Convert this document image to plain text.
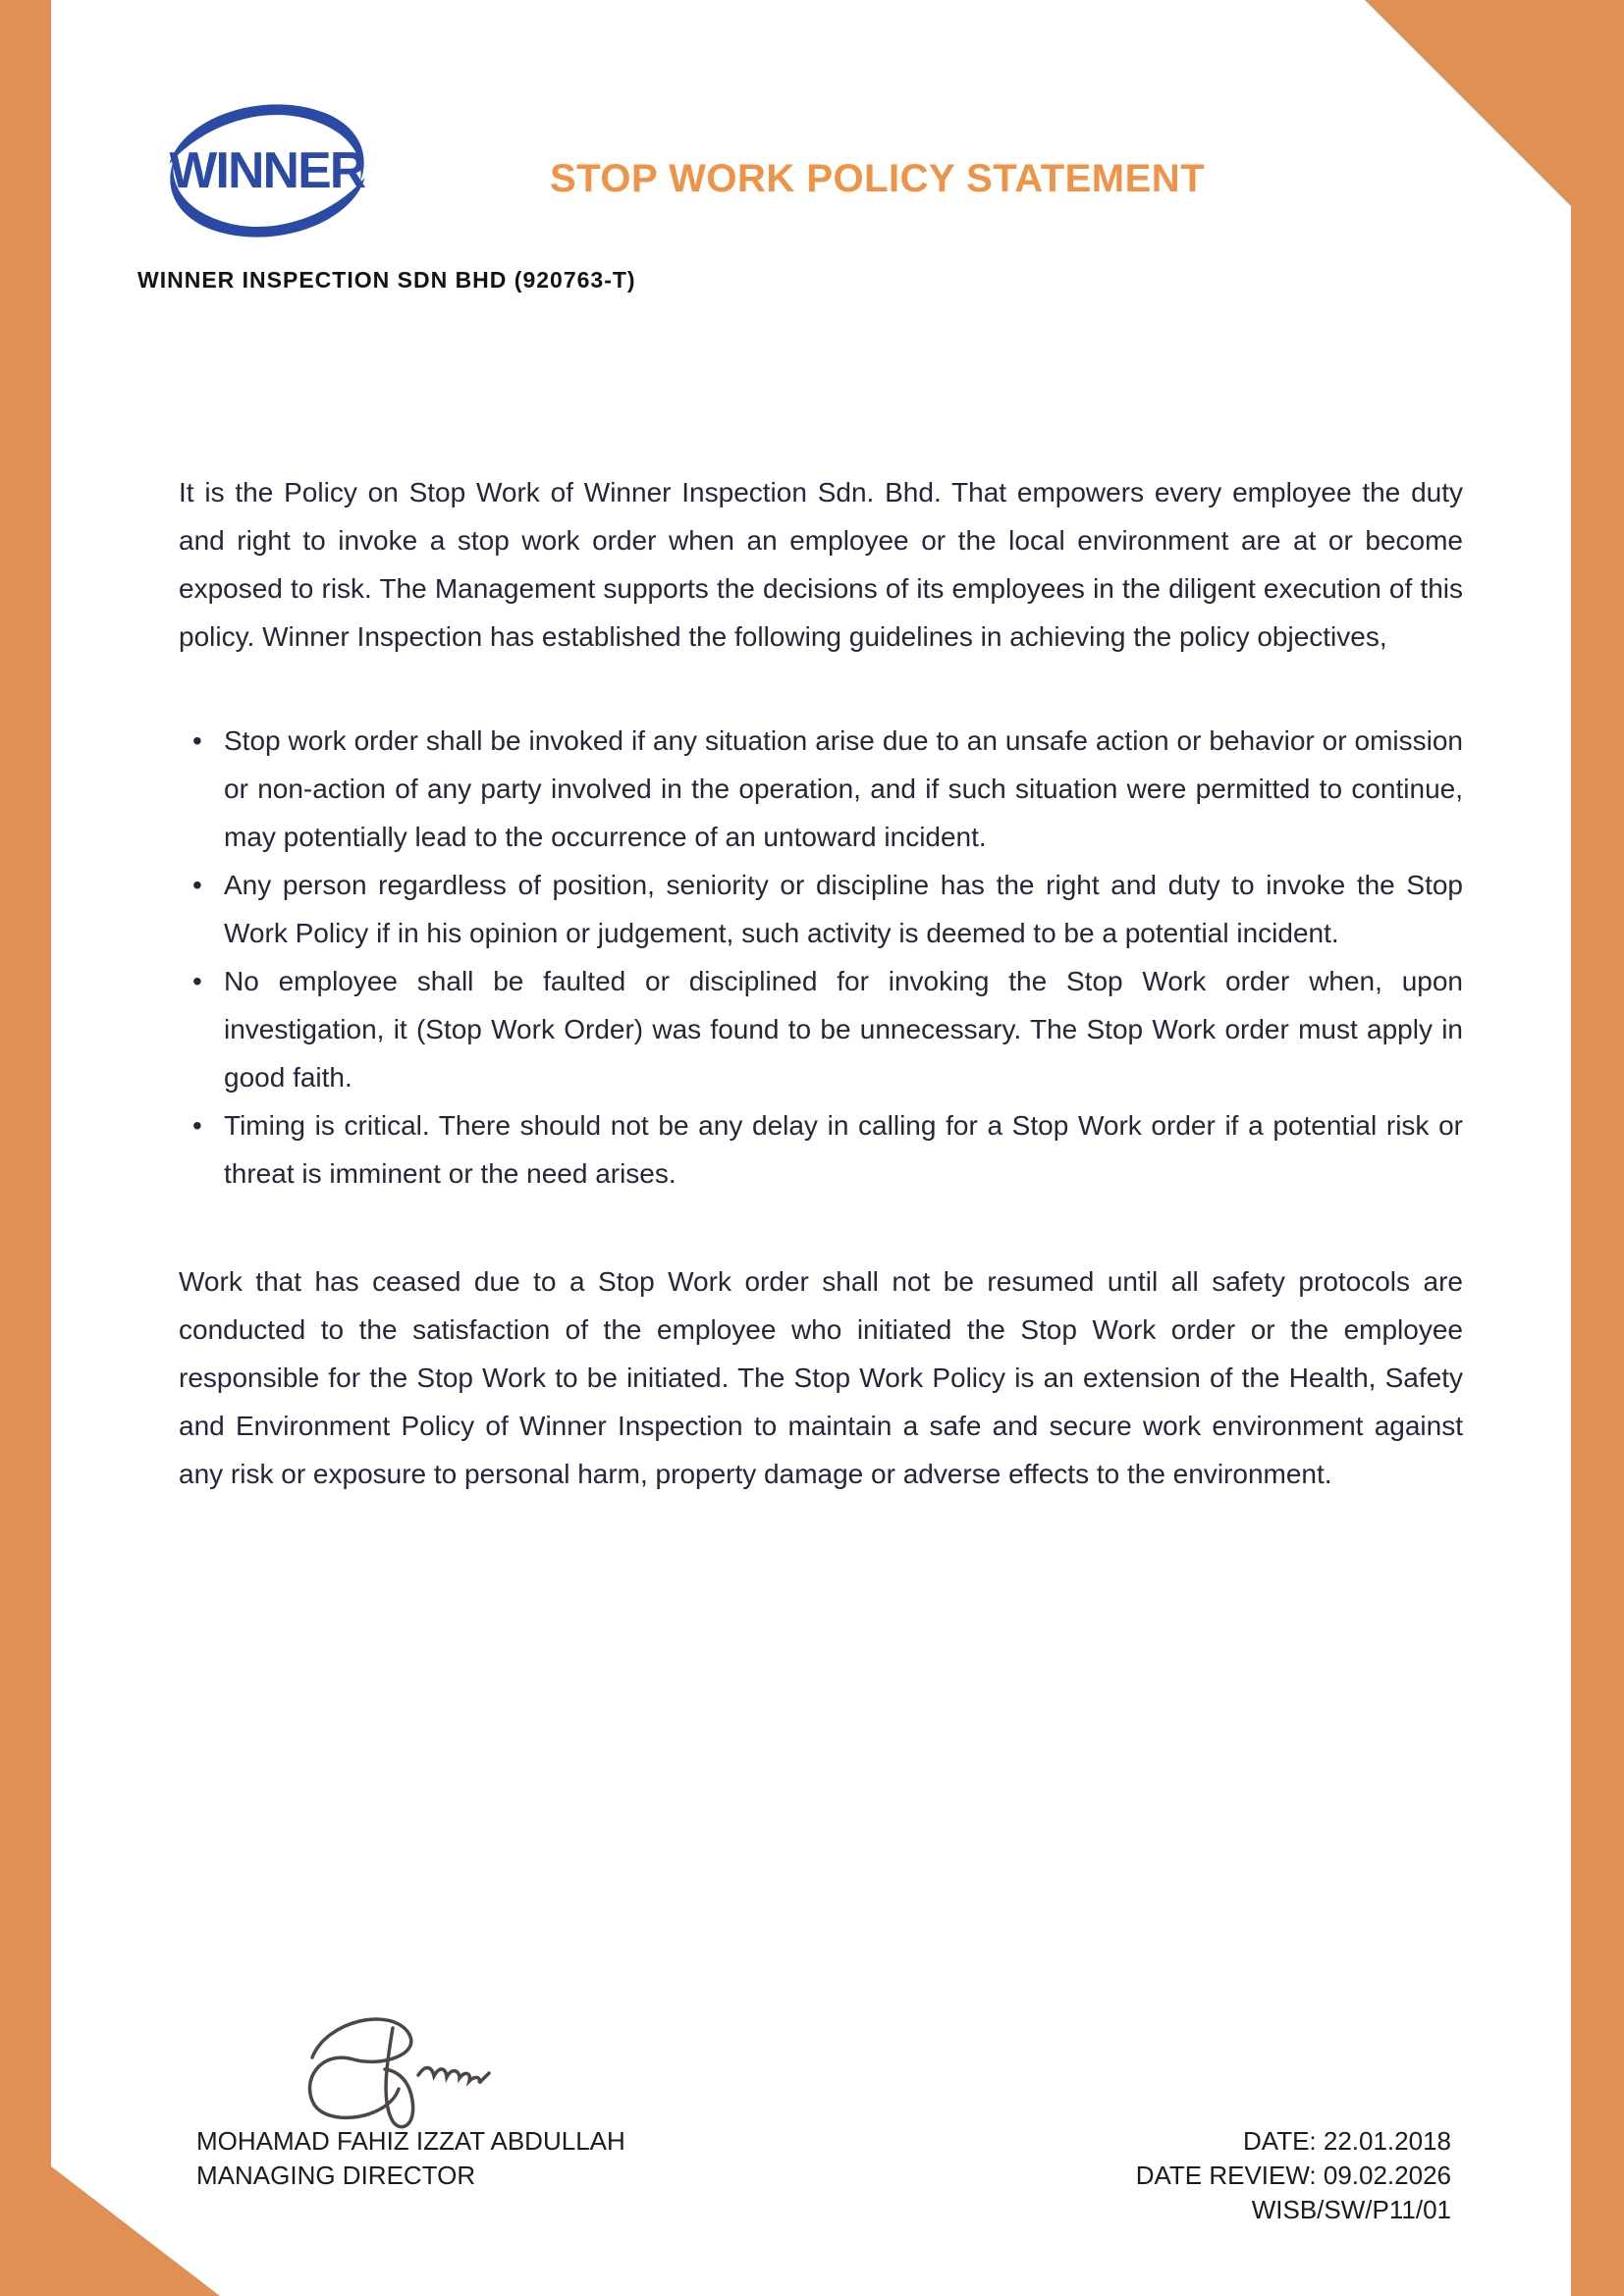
WINNER
WINNER INSPECTION SDN BHD (920763-T)
STOP WORK POLICY STATEMENT

It is the Policy on Stop Work of Winner Inspection Sdn. Bhd. That empowers every employee the duty and right to invoke a stop work order when an employee or the local environment are at or become exposed to risk. The Management supports the decisions of its employees in the diligent execution of this policy. Winner Inspection has established the following guidelines in achieving the policy objectives,

• Stop work order shall be invoked if any situation arise due to an unsafe action or behavior or omission or non-action of any party involved in the operation, and if such situation were permitted to continue, may potentially lead to the occurrence of an untoward incident.
• Any person regardless of position, seniority or discipline has the right and duty to invoke the Stop Work Policy if in his opinion or judgement, such activity is deemed to be a potential incident.
• No employee shall be faulted or disciplined for invoking the Stop Work order when, upon investigation, it (Stop Work Order) was found to be unnecessary. The Stop Work order must apply in good faith.
• Timing is critical. There should not be any delay in calling for a Stop Work order if a potential risk or threat is imminent or the need arises.

Work that has ceased due to a Stop Work order shall not be resumed until all safety protocols are conducted to the satisfaction of the employee who initiated the Stop Work order or the employee responsible for the Stop Work to be initiated. The Stop Work Policy is an extension of the Health, Safety and Environment Policy of Winner Inspection to maintain a safe and secure work environment against any risk or exposure to personal harm, property damage or adverse effects to the environment.

MOHAMAD FAHIZ IZZAT ABDULLAH
MANAGING DIRECTOR
DATE: 22.01.2018
DATE REVIEW: 09.02.2026
WISB/SW/P11/01
